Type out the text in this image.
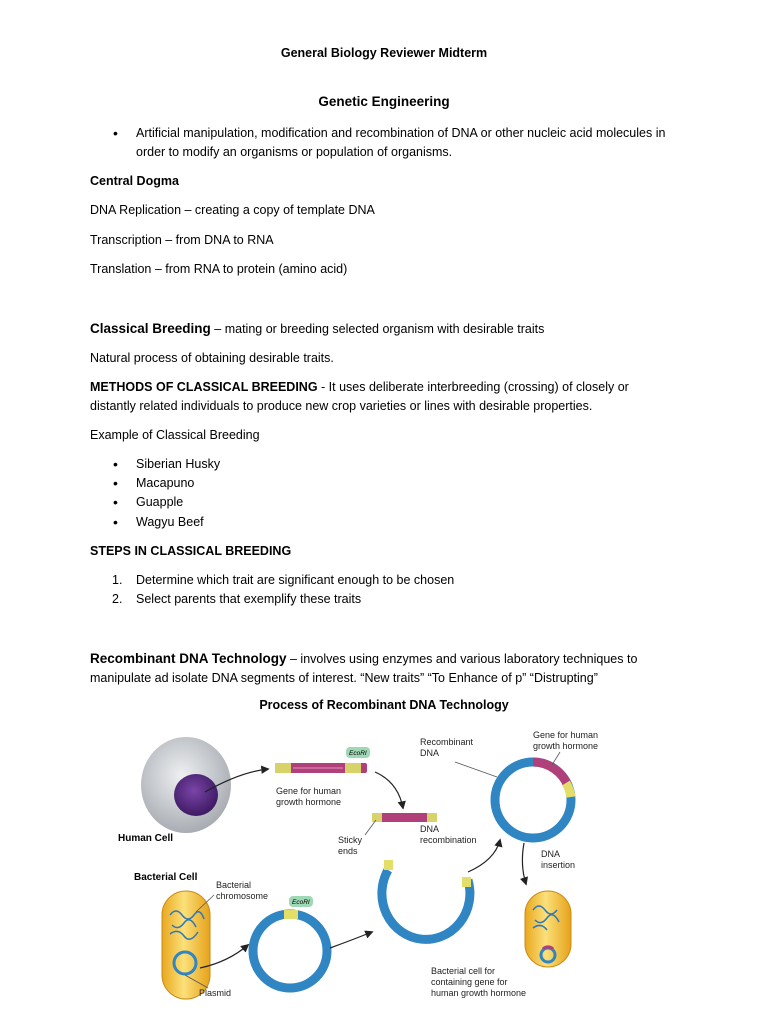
General Biology Reviewer Midterm
Genetic Engineering
• Artificial manipulation, modification and recombination of DNA or other nucleic acid molecules in order to modify an organisms or population of organisms.
Central Dogma
DNA Replication – creating a copy of template DNA
Transcription – from DNA to RNA
Translation – from RNA to protein (amino acid)
Classical Breeding – mating or breeding selected organism with desirable traits
Natural process of obtaining desirable traits.
METHODS OF CLASSICAL BREEDING - It uses deliberate interbreeding (crossing) of closely or distantly related individuals to produce new crop varieties or lines with desirable properties.
Example of Classical Breeding
• Siberian Husky
• Macapuno
• Guapple
• Wagyu Beef
STEPS IN CLASSICAL BREEDING
1. Determine which trait are significant enough to be chosen
2. Select parents that exemplify these traits
Recombinant DNA Technology – involves using enzymes and various laboratory techniques to manipulate ad isolate DNA segments of interest. “New traits” “To Enhance of p” “Distrupting”
Process of Recombinant DNA Technology
Human Cell
EcoRI
Gene for human
growth hormone
DNA
recombination
Sticky
ends
Recombinant
DNA
Gene for human
growth hormone
DNA
insertion
Bacterial Cell
Bacterial
chromosome
Plasmid
EcoRI
Bacterial cell for
containing gene for
human growth hormone
